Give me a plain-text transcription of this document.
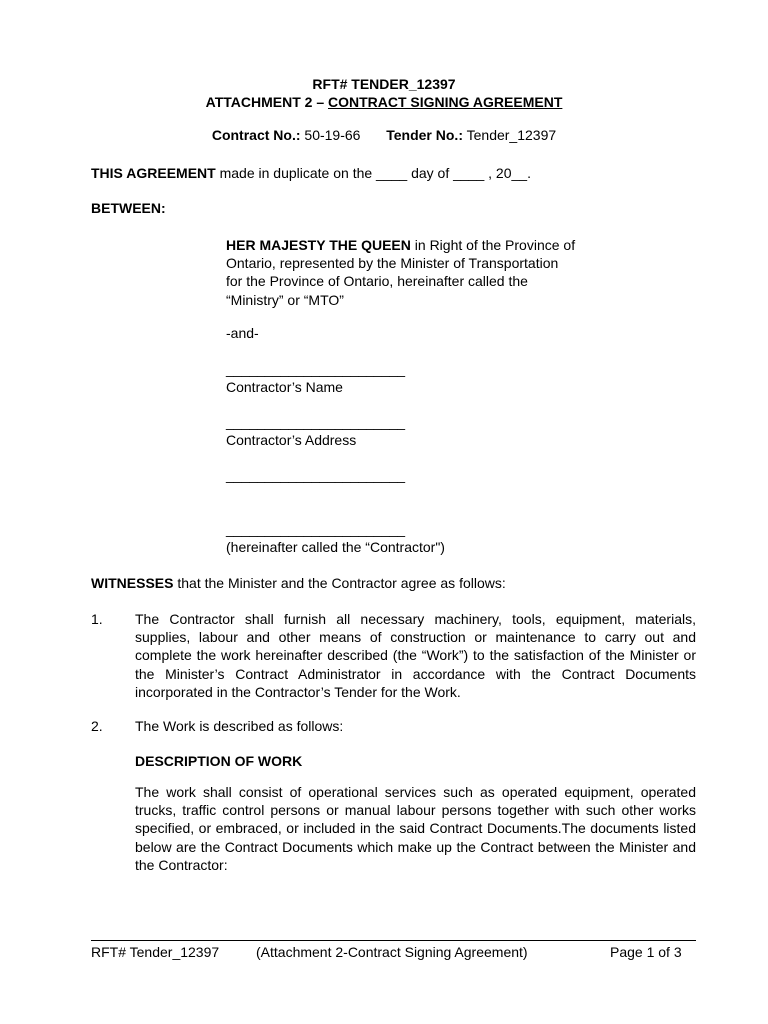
RFT# TENDER_12397
ATTACHMENT 2 – CONTRACT SIGNING AGREEMENT
Contract No.: 50-19-66 Tender No.: Tender_12397
THIS AGREEMENT made in duplicate on the ____ day of ____ , 20__.
BETWEEN:
HER MAJESTY THE QUEEN in Right of the Province of
Ontario, represented by the Minister of Transportation
for the Province of Ontario, hereinafter called the
“Ministry” or “MTO”
-and-
_______________________
Contractor’s Name
_______________________
Contractor’s Address
_______________________
_______________________
(hereinafter called the “Contractor")
WITNESSES that the Minister and the Contractor agree as follows:
1. The Contractor shall furnish all necessary machinery, tools, equipment, materials, supplies, labour and other means of construction or maintenance to carry out and complete the work hereinafter described (the “Work”) to the satisfaction of the Minister or the Minister’s Contract Administrator in accordance with the Contract Documents incorporated in the Contractor’s Tender for the Work.
2. The Work is described as follows:
DESCRIPTION OF WORK
The work shall consist of operational services such as operated equipment, operated trucks, traffic control persons or manual labour persons together with such other works specified, or embraced, or included in the said Contract Documents.The documents listed below are the Contract Documents which make up the Contract between the Minister and the Contractor:
RFT# Tender_12397	(Attachment 2-Contract Signing Agreement)	Page 1 of 3
